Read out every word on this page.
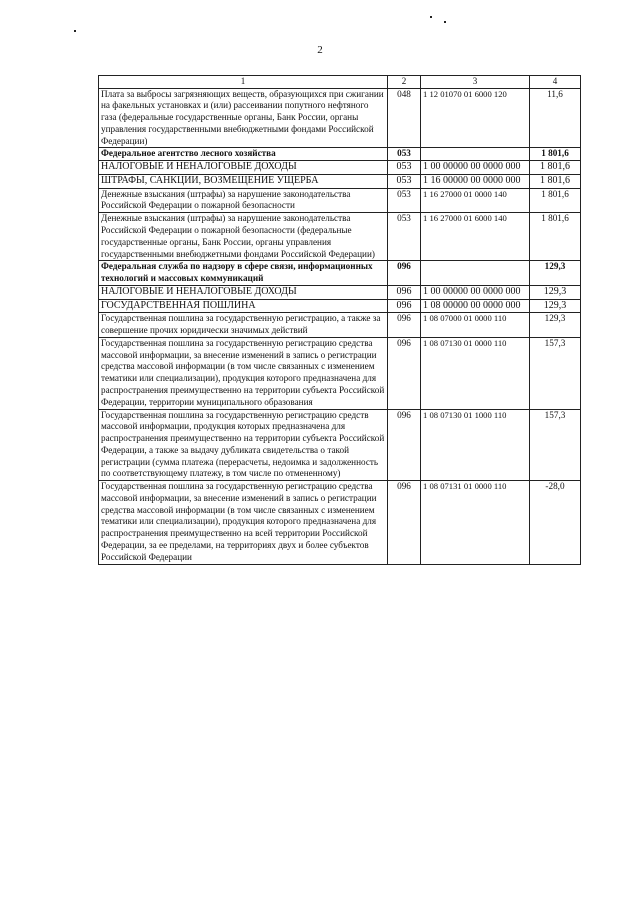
2
1	2	3	4
Плата за выбросы загрязняющих веществ, образующихся при сжигании на факельных установках и (или) рассеивании попутного нефтяного газа (федеральные государственные органы, Банк России, органы управления государственными внебюджетными фондами Российской Федерации)	048	1 12 01070 01 6000 120	11,6
Федеральное агентство лесного хозяйства	053		1 801,6
НАЛОГОВЫЕ И НЕНАЛОГОВЫЕ ДОХОДЫ	053	1 00 00000 00 0000 000	1 801,6
ШТРАФЫ, САНКЦИИ, ВОЗМЕЩЕНИЕ УЩЕРБА	053	1 16 00000 00 0000 000	1 801,6
Денежные взыскания (штрафы) за нарушение законодательства Российской Федерации о пожарной безопасности	053	1 16 27000 01 0000 140	1 801,6
Денежные взыскания (штрафы) за нарушение законодательства Российской Федерации о пожарной безопасности (федеральные государственные органы, Банк России, органы управления государственными внебюджетными фондами Российской Федерации)	053	1 16 27000 01 6000 140	1 801,6
Федеральная служба по надзору в сфере связи, информационных технологий и массовых коммуникаций	096		129,3
НАЛОГОВЫЕ И НЕНАЛОГОВЫЕ ДОХОДЫ	096	1 00 00000 00 0000 000	129,3
ГОСУДАРСТВЕННАЯ ПОШЛИНА	096	1 08 00000 00 0000 000	129,3
Государственная пошлина за государственную регистрацию, а также за совершение прочих юридически значимых действий	096	1 08 07000 01 0000 110	129,3
Государственная пошлина за государственную регистрацию средства массовой информации, за внесение изменений в запись о регистрации средства массовой информации (в том числе связанных с изменением тематики или специализации), продукция которого предназначена для распространения преимущественно на территории субъекта Российской Федерации, территории муниципального образования	096	1 08 07130 01 0000 110	157,3
Государственная пошлина за государственную регистрацию средств массовой информации, продукция которых предназначена для распространения преимущественно на территории субъекта Российской Федерации, а также за выдачу дубликата свидетельства о такой регистрации (сумма платежа (перерасчеты, недоимка и задолженность по соответствующему платежу, в том числе по отмененному)	096	1 08 07130 01 1000 110	157,3
Государственная пошлина за государственную регистрацию средства массовой информации, за внесение изменений в запись о регистрации средства массовой информации (в том числе связанных с изменением тематики или специализации), продукция которого предназначена для распространения преимущественно на всей территории Российской Федерации, за ее пределами, на территориях двух и более субъектов Российской Федерации	096	1 08 07131 01 0000 110	-28,0
